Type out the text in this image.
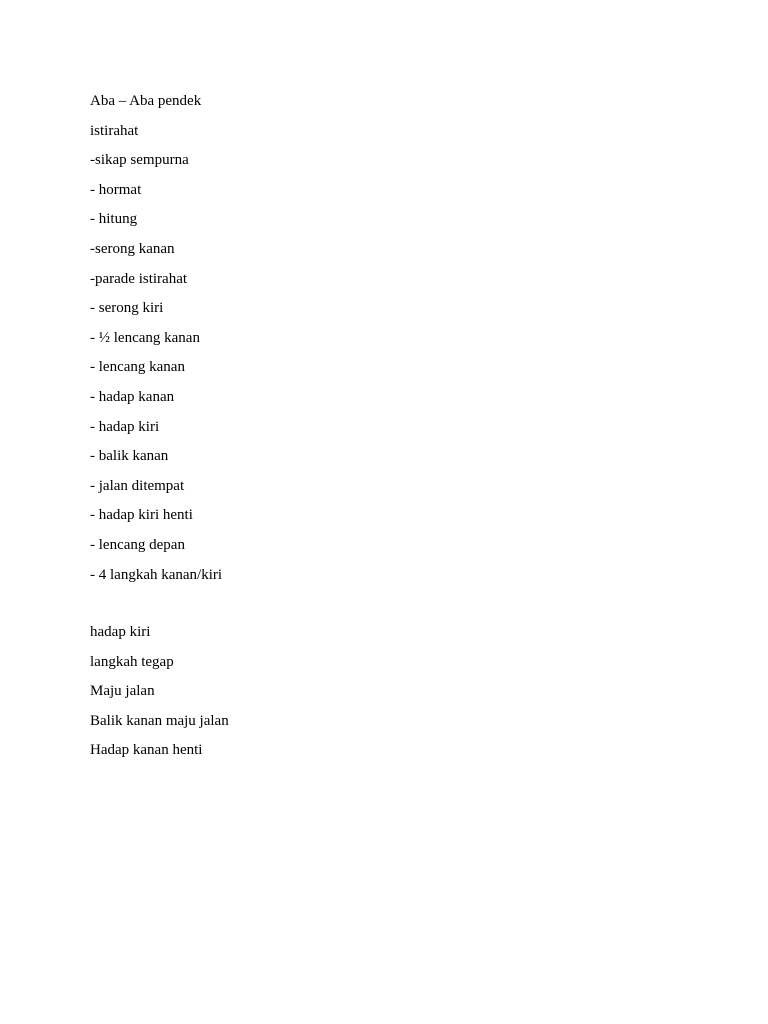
Aba – Aba pendek

istirahat

-sikap sempurna

- hormat

- hitung

-serong kanan

-parade istirahat

- serong kiri

- ½ lencang kanan

- lencang kanan

- hadap kanan

- hadap kiri

- balik kanan

- jalan ditempat

- hadap kiri henti

- lencang depan

- 4 langkah kanan/kiri

hadap kiri

langkah tegap

Maju jalan

Balik kanan maju jalan

Hadap kanan henti
